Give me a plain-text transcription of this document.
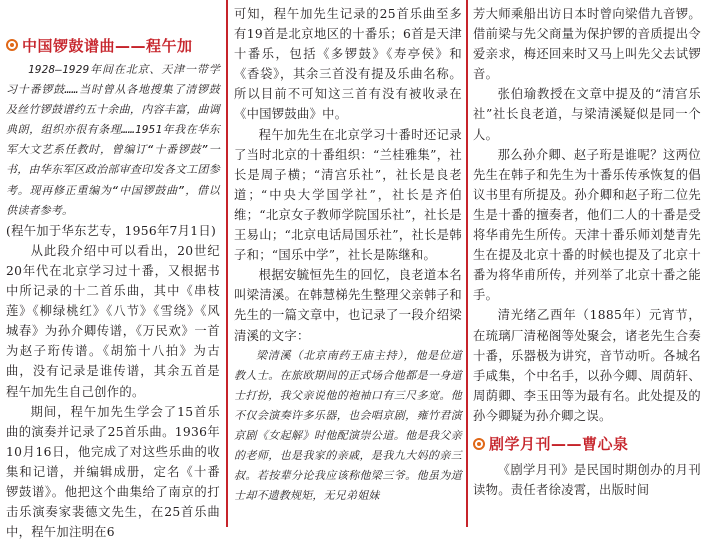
中国锣鼓谱曲——程午加

1928—1929年间在北京、天津一带学习十番锣鼓……当时曾从各地搜集了清锣鼓及丝竹锣鼓谱约五十余曲，内容丰富，曲调典朗，组织亦很有条理……1951年我在华东军大文艺系任教时，曾编订“十番锣鼓”一书，由华东军区政治部审查印发各文工团参考。现再修正重编为“中国锣鼓曲”，借以供读者参考。

(程午加于华东艺专，1956年7月1日)

从此段介绍中可以看出，20世纪20年代在北京学习过十番，又根据书中所记录的十二首乐曲，其中《串枝莲》《柳绿桃红》《八节》《雪绕》《风城春》为孙介卿传谱，《万民欢》一首为赵子珩传谱。《胡笳十八拍》为古曲，没有记录是谁传谱，其余五首是程午加先生自己创作的。

期间，程午加先生学会了15首乐曲的演奏并记录了25首乐曲。1936年10月16日，他完成了对这些乐曲的收集和记谱，并编辑成册，定名《十番锣鼓谱》。他把这个曲集给了南京的打击乐演奏家裴德文先生，在25首乐曲中，程午加注明在6

可知，程午加先生记录的25首乐曲至多有19首是北京地区的十番乐；6首是天津十番乐，包括《多锣鼓》《寿亭侯》和《香袋》，其余三首没有提及乐曲名称。所以目前不可知这三首有没有被收录在《中国锣鼓曲》中。

程午加先生在北京学习十番时还记录了当时北京的十番组织：“兰桂雅集”，社长是周子横；“清宫乐社”，社长是良老道；“中央大学国学社”，社长是齐伯维；“北京女子教师学院国乐社”，社长是王易山；“北京电话局国乐社”，社长是韩子和；“国乐中学”，社长是陈继和。

根据安毓恒先生的回忆，良老道本名叫梁清溪。在韩慧梯先生整理父亲韩子和先生的一篇文章中，也记录了一段介绍梁清溪的文字：

梁清溪（北京南药王庙主持），他是位道教人士。在旅欧期间的正式场合他都是一身道士打扮，我父亲说他的袍袖口有三尺多宽。他不仅会演奏许多乐器，也会唱京剧，雍竹君演京剧《女起解》时他配演崇公道。他是我父亲的老师，也是我家的亲戚，是我九大妈的亲三叔。若按辈分论我应该称他梁三爷。他虽为道士却不遗教规矩，无兄弟姐妹

芳大师乘船出访日本时曾向梁借九音锣。借前梁与先父商量为保护锣的音质提出令爱亲求，梅还回来时又马上叫先父去试锣音。

张伯瑜教授在文章中提及的“清宫乐社”社长良老道，与梁清溪疑似是同一个人。

那么孙介卿、赵子珩是谁呢？这两位先生在韩子和先生为十番乐传承恢复的倡议书里有所提及。孙介卿和赵子珩二位先生是十番的擅奏者，他们二人的十番是受将华甫先生所传。天津十番乐师刘楚青先生在提及北京十番的时候也提及了北京十番为将华甫所传，并列举了北京十番之能手。

清光绪乙酉年（1885年）元宵节，在琉璃厂清秘阁等处聚会，诸老先生合奏十番，乐器极为讲究，音节动听。各城名手咸集，个中名手，以孙今卿、周荫轩、周荫卿、李玉田等为最有名。此处提及的孙今卿疑为孙介卿之误。

剧学月刊——曹心泉

《剧学月刊》是民国时期创办的月刊读物。责任者徐凌霄，出版时间
